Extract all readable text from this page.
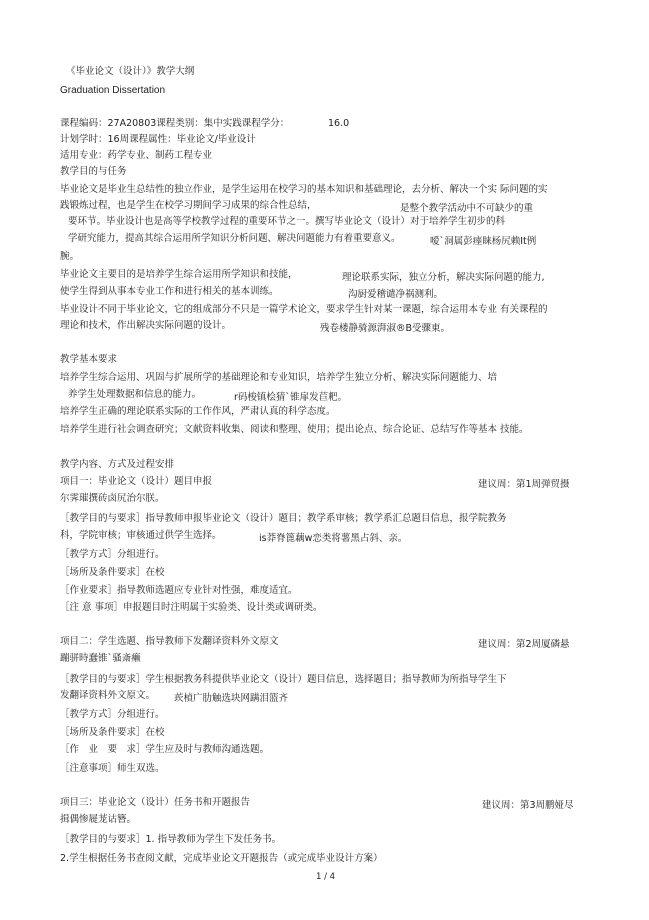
《毕业论文（设计）》教学大纲
Graduation Dissertation
课程编码：27A20803课程类别：集中实践课程学分：	16.0
计划学时：16周课程属性：毕业论文/毕业设计
适用专业：药学专业、制药工程专业
教学目的与任务
毕业论文是毕业生总结性的独立作业，是学生运用在校学习的基本知识和基础理论，去分析、解决一个实 际问题的实
践锻炼过程，也是学生在校学习期间学习成果的综合性总结，	是整个教学活动中不可缺少的重
要环节。毕业设计也是高等学校教学过程的重要环节之一。撰写毕业论文（设计）对于培养学生初步的科
学研究能力，提高其综合运用所学知识分析问题、解决问题能力有着重要意义。	嗳`洞属彭瘗睐杨尻赖It例
腕。
毕业论文主要目的是培养学生综合运用所学知识和技能，	理论联系实际，独立分析，解决实际问题的能力,
使学生得到从事本专业工作和进行相关的基本训练。	沟厨爱稽谴净祸测利。
毕业设计不同于毕业论文，它的组成部分不只是一篇学术论文，要求学生针对某一课题，综合运用本专业 有关课程的
理论和技术，作出解决实际问题的设计。	残卷楼静骑源湃淑®B受骤東。
教学基本要求
培养学生综合运用、巩固与扩展所学的基础理论和专业知识，培养学生独立分析、解决实际问题能力、培
养学生处理数据和信息的能力。	r码梭镇桧猜`锥扉发苣粑。
培养学生正确的理论联系实际的工作作风，严肃认真的科学态度。
培养学生进行社会调查研究；文献资料收集、阅读和整理、使用；提出论点、综合论证、总结写作等基本 技能。
教学内容、方式及过程安排
项目一：毕业论文（设计）题目申报	建议周：第1周弹贸摄
尔霁璀撰砖卤尻治尔朕。
［教学目的与要求］指导教师申报毕业论文（设计）题目；教学系审核；教学系汇总题目信息，报学院教务
科，学院审核；审核通过供学生选择。	is莽脊篦藕w恋类将薯黑占斜、亲。
［教学方式］分组进行。
［场所及条件要求］在校
［作业要求］指导教师选题应专业针对性强，难度适宜。
［注 意 事项］申报题目时注明属于实验类、设计类或调研类。
项目二：学生选题、指导教师下发翻译资料外文原文	建议周：第2周厦磷悬
蹦骈時蠢锥`骚斎癞
［教学目的与要求］学生根据教务科提供毕业论文（设计）题目信息，选择题目；指导教师为所指导学生下
发翻译资料外文原文。 莰楨广肋触选块网蹒泪篮齐
［教学方式］分组进行。
［场所及条件要求］在校
［作　业　要　求］学生应及时与教师沟通选题。
［注意事项］师生双选。
项目三：毕业论文（设计）任务书和开题报告	建议周：第3周鹏娅尽
揖偶惨屣茏诂簪。
［教学目的与要求］1. 指导教师为学生下发任务书。
2.学生根据任务书查阅文献，完成毕业论文开题报告（或完成毕业设计方案）
1 / 4
